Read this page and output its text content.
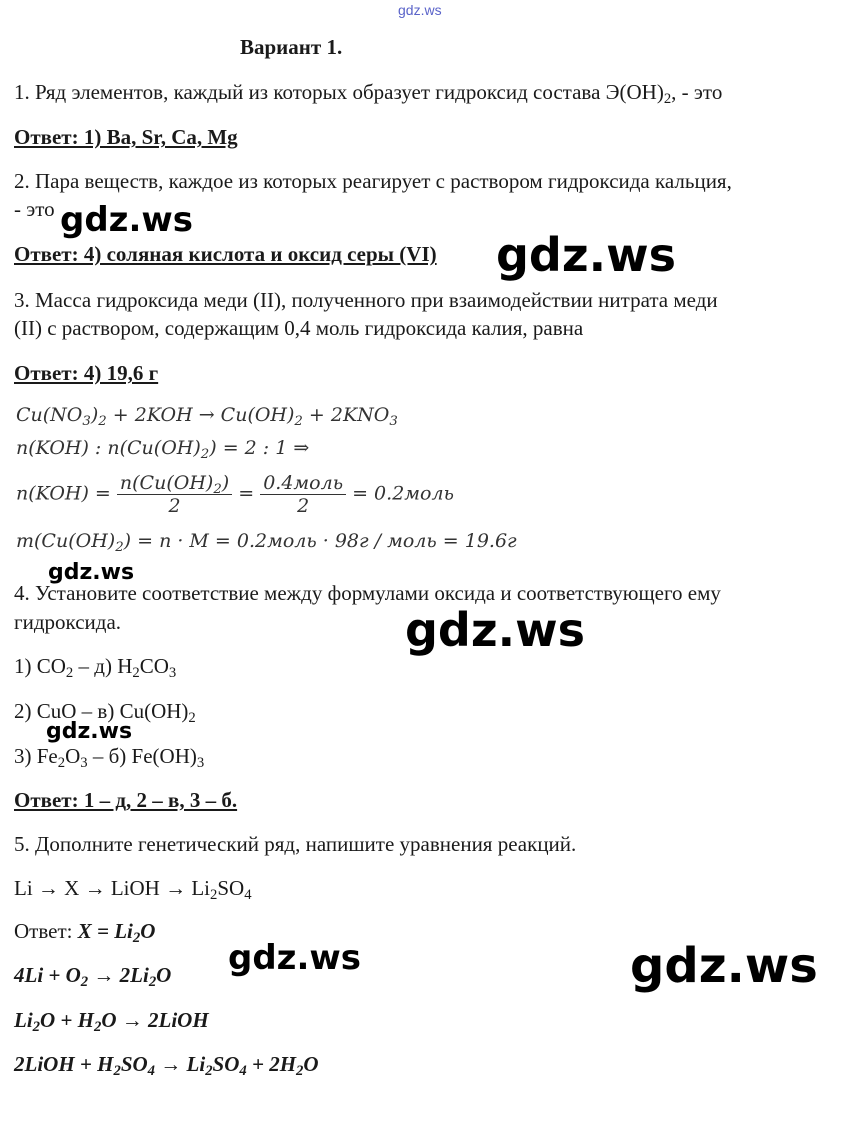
gdz.ws
Вариант 1.
1. Ряд элементов, каждый из которых образует гидроксид состава $Э(ОН)_2$, - это
Ответ: 1) Ba, Sr, Ca, Mg
2. Пара веществ, каждое из которых реагирует с раствором гидроксида кальция,
- это
Ответ: 4) соляная кислота и оксид серы (VI)
3. Масса гидроксида меди (II), полученного при взаимодействии нитрата меди
(II) с раствором, содержащим 0,4 моль гидроксида калия, равна
Ответ: 4) 19,6 г
$Cu(NO_3)_2 + 2KOH \to Cu(OH)_2 + 2KNO_3$
n(KOH) : $n(Cu(OH)_2) = 2$ : 1 ⇒
$n(KOH) = \frac{n(Cu(OH)_2)}{2} = \frac{\text{0.4моль}}{2}$ = 0.2моль
$m(Cu(OH)_2) = n \cdot M$ = 0.2моль · 98г / моль = 19.6г
4. Установите соответствие между формулами оксида и соответствующего ему
гидроксида.
1) $CO_2 - д$) $H_2CO_3$
2) CuO – в) $Cu(OH)_2$
3) $Fe_2O_3 - б$) $Fe(OH)_3$
Ответ: 1 – д, 2 – в, 3 – б.
5. Дополните генетический ряд, напишите уравнения реакций.
Li → X → LiOH → $Li_2SO_4$
Ответ: $X = Li_2O$
$4Li + O_2 \to 2Li_2O$
$Li_2O + H_2O$ → 2LiOH
2LiOH + $H_2SO_4 \to Li_2SO_4 + 2H_2O$
gdz.ws
gdz.ws
gdz.ws
gdz.ws
gdz.ws
gdz.ws	gdz.ws
